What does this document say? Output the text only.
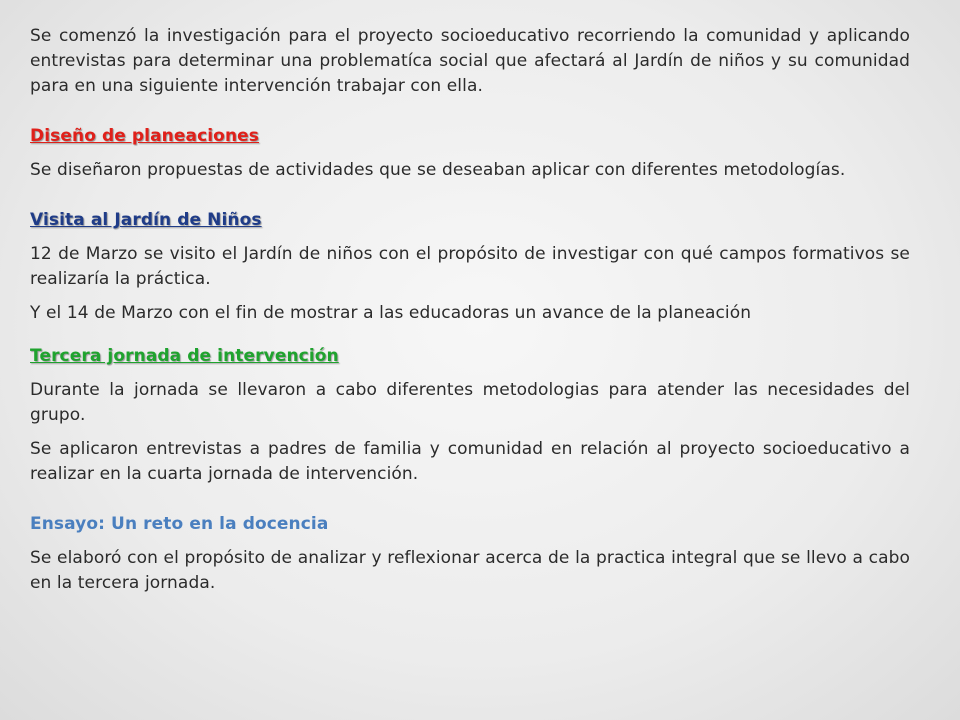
Se comenzó la investigación para el proyecto socioeducativo recorriendo la comunidad y aplicando entrevistas para determinar una problematíca social que afectará al Jardín de niños y su comunidad para en una siguiente intervención trabajar con ella.

Diseño de planeaciones

Se diseñaron propuestas de actividades que se deseaban aplicar con diferentes metodologías.

Visita al Jardín de Niños

12 de Marzo se visito el Jardín de niños con el propósito de investigar con qué campos formativos se realizaría la práctica.

Y el 14 de Marzo con el fin de mostrar a las educadoras un avance de la planeación

Tercera jornada de intervención

Durante la jornada se llevaron a cabo diferentes metodologias para atender las necesidades del grupo.

Se aplicaron entrevistas a padres de familia y comunidad en relación al proyecto socioeducativo a realizar en la cuarta jornada de intervención.

Ensayo: Un reto en la docencia

Se elaboró con el propósito de analizar y reflexionar acerca de la practica integral que se llevo a cabo en la tercera jornada.
